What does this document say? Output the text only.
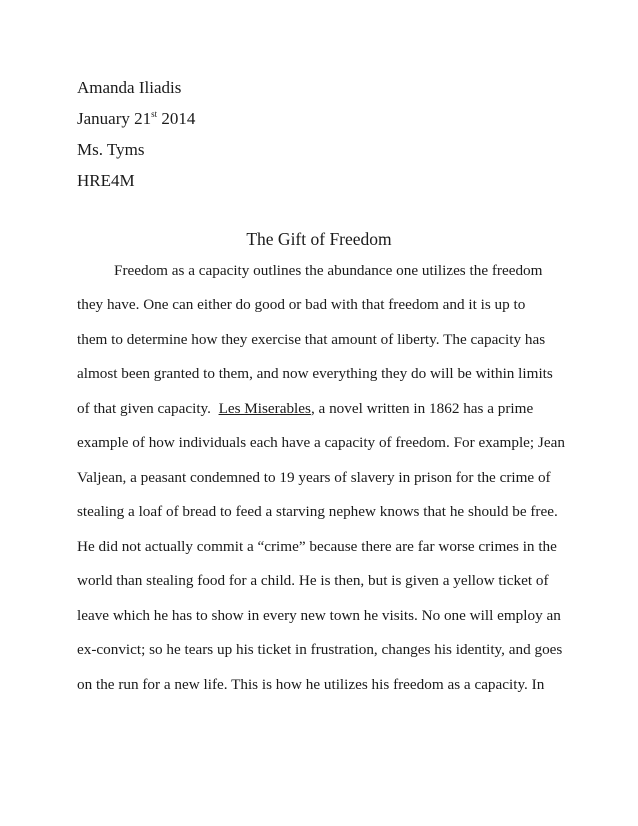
Amanda Iliadis
January 21st 2014
Ms. Tyms
HRE4M
The Gift of Freedom
Freedom as a capacity outlines the abundance one utilizes the freedom
they have. One can either do good or bad with that freedom and it is up to
them to determine how they exercise that amount of liberty. The capacity has
almost been granted to them, and now everything they do will be within limits
of that given capacity.  Les Miserables, a novel written in 1862 has a prime
example of how individuals each have a capacity of freedom. For example; Jean
Valjean, a peasant condemned to 19 years of slavery in prison for the crime of
stealing a loaf of bread to feed a starving nephew knows that he should be free.
He did not actually commit a “crime” because there are far worse crimes in the
world than stealing food for a child. He is then, but is given a yellow ticket of
leave which he has to show in every new town he visits. No one will employ an
ex-convict; so he tears up his ticket in frustration, changes his identity, and goes
on the run for a new life. This is how he utilizes his freedom as a capacity. In
